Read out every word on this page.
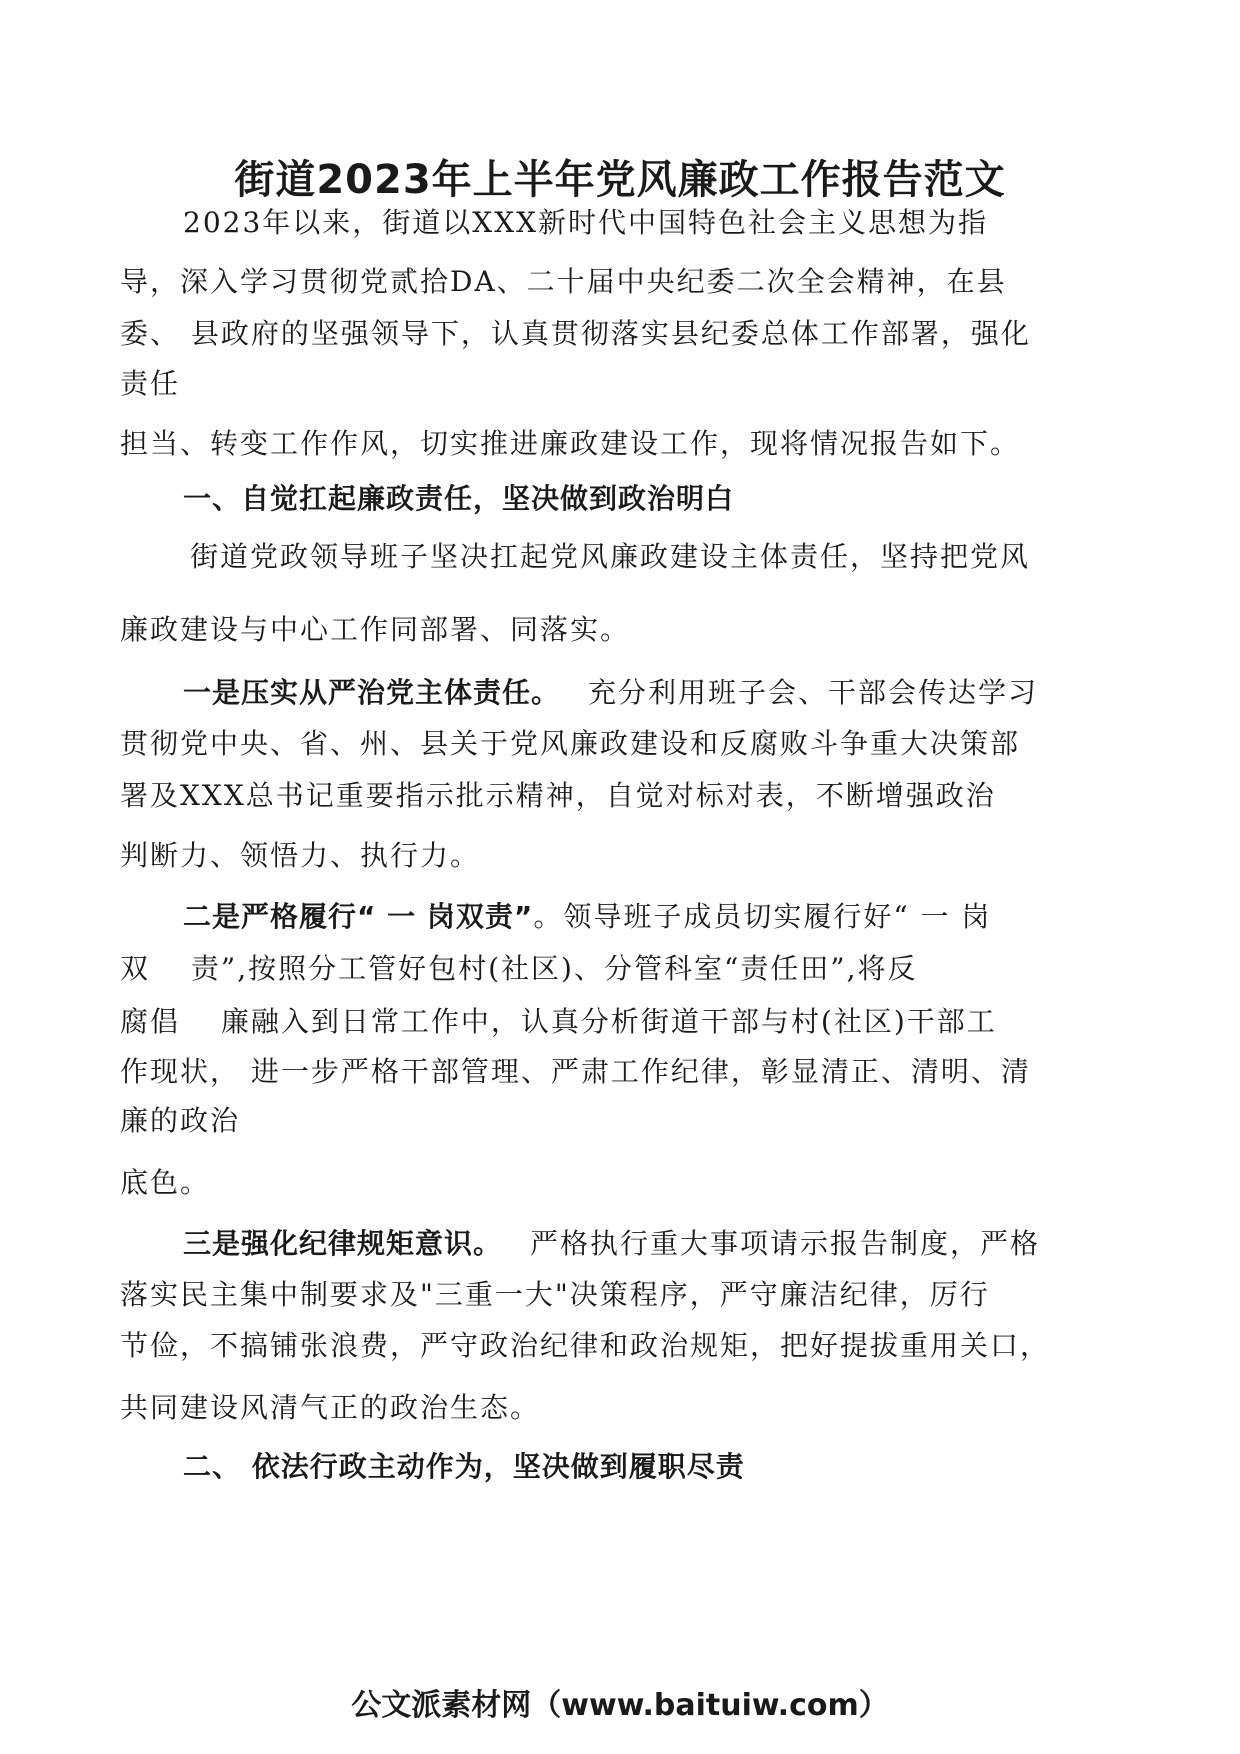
街道2023年上半年党风廉政工作报告范文
2023年以来，街道以XXX新时代中国特色社会主义思想为指
导，深入学习贯彻党贰拾DA、二十届中央纪委二次全会精神，在县
委、 县政府的坚强领导下，认真贯彻落实县纪委总体工作部署，强化
责任
担当、转变工作作风，切实推进廉政建设工作，现将情况报告如下。
一、自觉扛起廉政责任，坚决做到政治明白
街道党政领导班子坚决扛起党风廉政建设主体责任，坚持把党风
廉政建设与中心工作同部署、同落实。
一是压实从严治党主体责任。 充分利用班子会、干部会传达学习
贯彻党中央、省、州、县关于党风廉政建设和反腐败斗争重大决策部
署及XXX总书记重要指示批示精神，自觉对标对表，不断增强政治
判断力、领悟力、执行力。
二是严格履行“ 一 岗双责”。领导班子成员切实履行好“ 一 岗
双　 责”,按照分工管好包村(社区)、分管科室“责任田”,将反
腐倡　 廉融入到日常工作中，认真分析街道干部与村(社区)干部工
作现状， 进一步严格干部管理、严肃工作纪律，彰显清正、清明、清
廉的政治
底色。
三是强化纪律规矩意识。 严格执行重大事项请示报告制度，严格
落实民主集中制要求及"三重一大"决策程序，严守廉洁纪律，厉行
节俭，不搞铺张浪费，严守政治纪律和政治规矩，把好提拔重用关口，
共同建设风清气正的政治生态。
二、 依法行政主动作为，坚决做到履职尽责
公文派素材网（www.baituiw.com）
